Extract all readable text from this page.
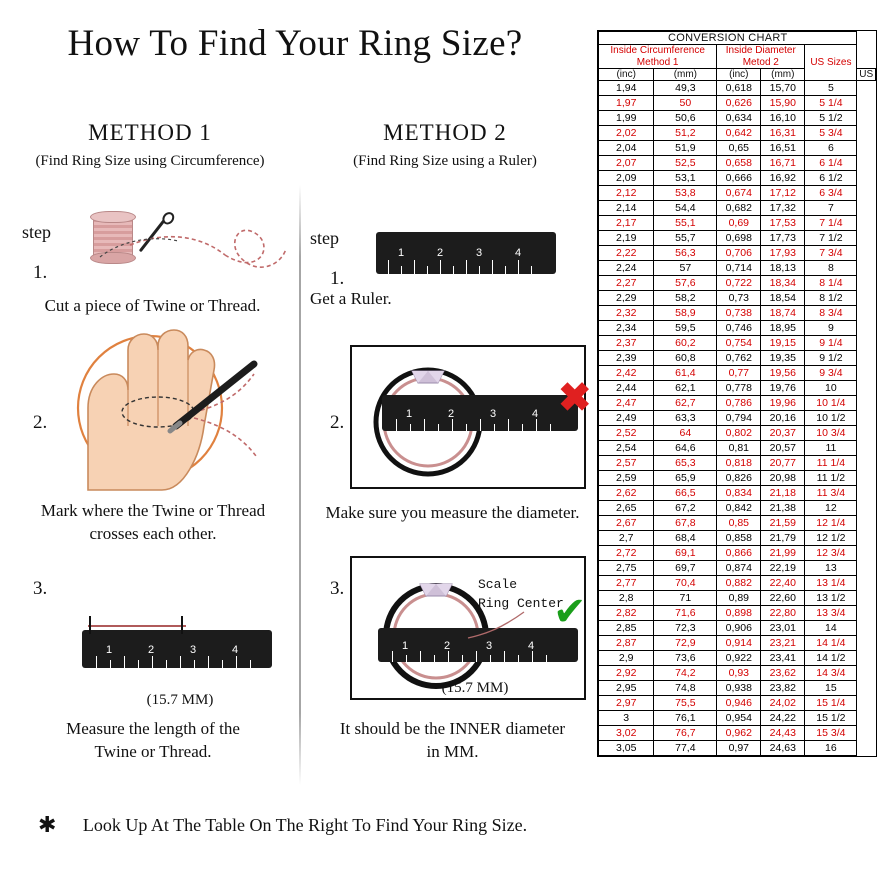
How To Find Your Ring Size?
METHOD 1
(Find Ring Size using Circumference)
METHOD 2
(Find Ring Size using a Ruler)
step
1.
Cut a piece of Twine or Thread.
2.
Mark where the Twine or Thread
crosses each other.
3.
1	2	3	4
(15.7 MM)
Measure the length of the
Twine or Thread.
step
1.
1	2	3	4
Get a Ruler.
2.	1	2	3	4 ✖
Make sure you measure the diameter.
3.
1	2	3	4
Scale
Ring Center
✔
(15.7 MM)
It should be the INNER diameter
in MM.
✱	Look Up At The Table On The Right To Find Your Ring Size.
CONVERSION CHART					
Inside Circumference
Method 1		Inside Diameter
Metod 2		US Sizes	
(inc)	(mm)	(inc)	(mm)		US
1,94	49,3	0,618	15,70	5	
1,97	50	0,626	15,90	5 1/4	
1,99	50,6	0,634	16,10	5 1/2	
2,02	51,2	0,642	16,31	5 3/4	
2,04	51,9	0,65	16,51	6	
2,07	52,5	0,658	16,71	6 1/4	
2,09	53,1	0,666	16,92	6 1/2	
2,12	53,8	0,674	17,12	6 3/4	
2,14	54,4	0,682	17,32	7	
2,17	55,1	0,69	17,53	7 1/4	
2,19	55,7	0,698	17,73	7 1/2	
2,22	56,3	0,706	17,93	7 3/4	
2,24	57	0,714	18,13	8	
2,27	57,6	0,722	18,34	8 1/4	
2,29	58,2	0,73	18,54	8 1/2	
2,32	58,9	0,738	18,74	8 3/4	
2,34	59,5	0,746	18,95	9	
2,37	60,2	0,754	19,15	9 1/4	
2,39	60,8	0,762	19,35	9 1/2	
2,42	61,4	0,77	19,56	9 3/4	
2,44	62,1	0,778	19,76	10	
2,47	62,7	0,786	19,96	10 1/4	
2,49	63,3	0,794	20,16	10 1/2	
2,52	64	0,802	20,37	10 3/4	
2,54	64,6	0,81	20,57	11	
2,57	65,3	0,818	20,77	11 1/4	
2,59	65,9	0,826	20,98	11 1/2	
2,62	66,5	0,834	21,18	11 3/4	
2,65	67,2	0,842	21,38	12	
2,67	67,8	0,85	21,59	12 1/4	
2,7	68,4	0,858	21,79	12 1/2	
2,72	69,1	0,866	21,99	12 3/4	
2,75	69,7	0,874	22,19	13	
2,77	70,4	0,882	22,40	13 1/4	
2,8	71	0,89	22,60	13 1/2	
2,82	71,6	0,898	22,80	13 3/4	
2,85	72,3	0,906	23,01	14	
2,87	72,9	0,914	23,21	14 1/4	
2,9	73,6	0,922	23,41	14 1/2	
2,92	74,2	0,93	23,62	14 3/4	
2,95	74,8	0,938	23,82	15	
2,97	75,5	0,946	24,02	15 1/4	
3	76,1	0,954	24,22	15 1/2	
3,02	76,7	0,962	24,43	15 3/4	
3,05	77,4	0,97	24,63	16	
